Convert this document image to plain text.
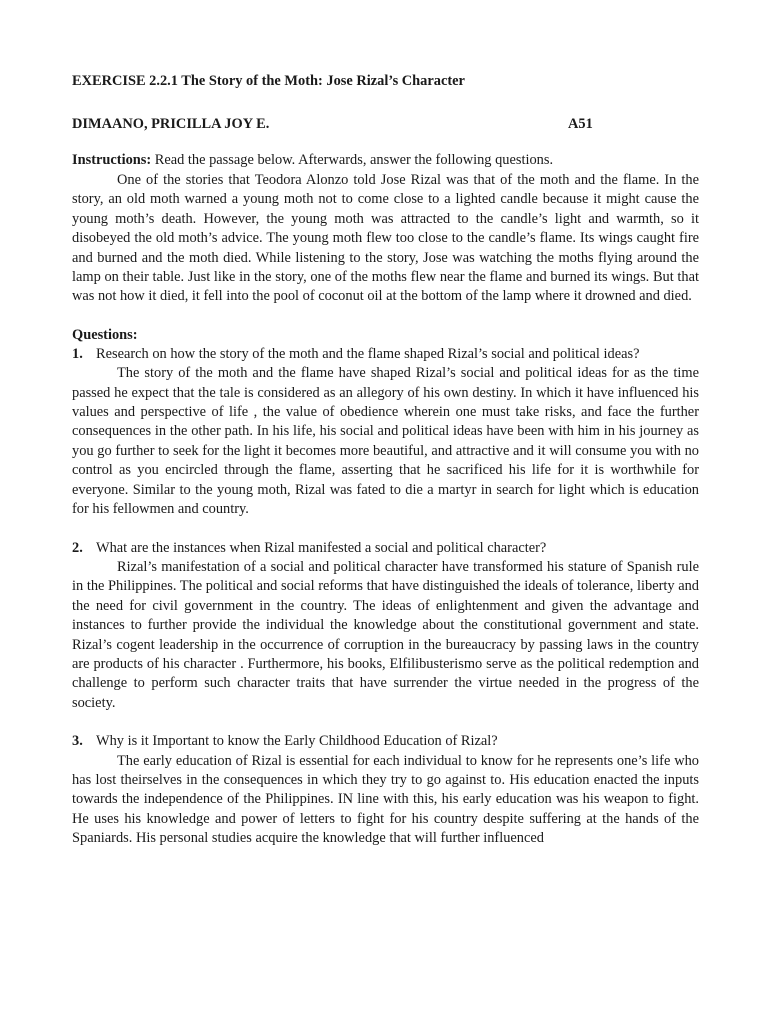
EXERCISE 2.2.1 The Story of the Moth: Jose Rizal’s Character
DIMAANO, PRICILLA JOY E.	A51
Instructions: Read the passage below. Afterwards, answer the following questions.

One of the stories that Teodora Alonzo told Jose Rizal was that of the moth and the flame. In the story, an old moth warned a young moth not to come close to a lighted candle because it might cause the young moth’s death. However, the young moth was attracted to the candle’s light and warmth, so it disobeyed the old moth’s advice. The young moth flew too close to the candle’s flame. Its wings caught fire and burned and the moth died. While listening to the story, Jose was watching the moths flying around the lamp on their table. Just like in the story, one of the moths flew near the flame and burned its wings. But that was not how it died, it fell into the pool of coconut oil at the bottom of the lamp where it drowned and died.

Questions:
1. Research on how the story of the moth and the flame shaped Rizal’s social and political ideas?

The story of the moth and the flame have shaped Rizal’s social and political ideas for as the time passed he expect that the tale is considered as an allegory of his own destiny. In which it have influenced his values and perspective of life , the value of obedience wherein one must take risks, and face the further consequences in the other path. In his life, his social and political ideas have been with him in his journey as you go further to seek for the light it becomes more beautiful, and attractive and it will consume you with no control as you encircled through the flame, asserting that he sacrificed his life for it is worthwhile for everyone. Similar to the young moth, Rizal was fated to die a martyr in search for light which is education for his fellowmen and country.

2. What are the instances when Rizal manifested a social and political character?

Rizal’s manifestation of a social and political character have transformed his stature of Spanish rule in the Philippines. The political and social reforms that have distinguished the ideals of tolerance, liberty and the need for civil government in the country. The ideas of enlightenment and given the advantage and instances to further provide the individual the knowledge about the constitutional government and state. Rizal’s cogent leadership in the occurrence of corruption in the bureaucracy by passing laws in the country are products of his character . Furthermore, his books, Elfilibusterismo serve as the political redemption and challenge to perform such character traits that have surrender the virtue needed in the progress of the society.

3. Why is it Important to know the Early Childhood Education of Rizal?

The early education of Rizal is essential for each individual to know for he represents one’s life who has lost theirselves in the consequences in which they try to go against to. His education enacted the inputs towards the independence of the Philippines. IN line with this, his early education was his weapon to fight. He uses his knowledge and power of letters to fight for his country despite suffering at the hands of the Spaniards. His personal studies acquire the knowledge that will further influenced
